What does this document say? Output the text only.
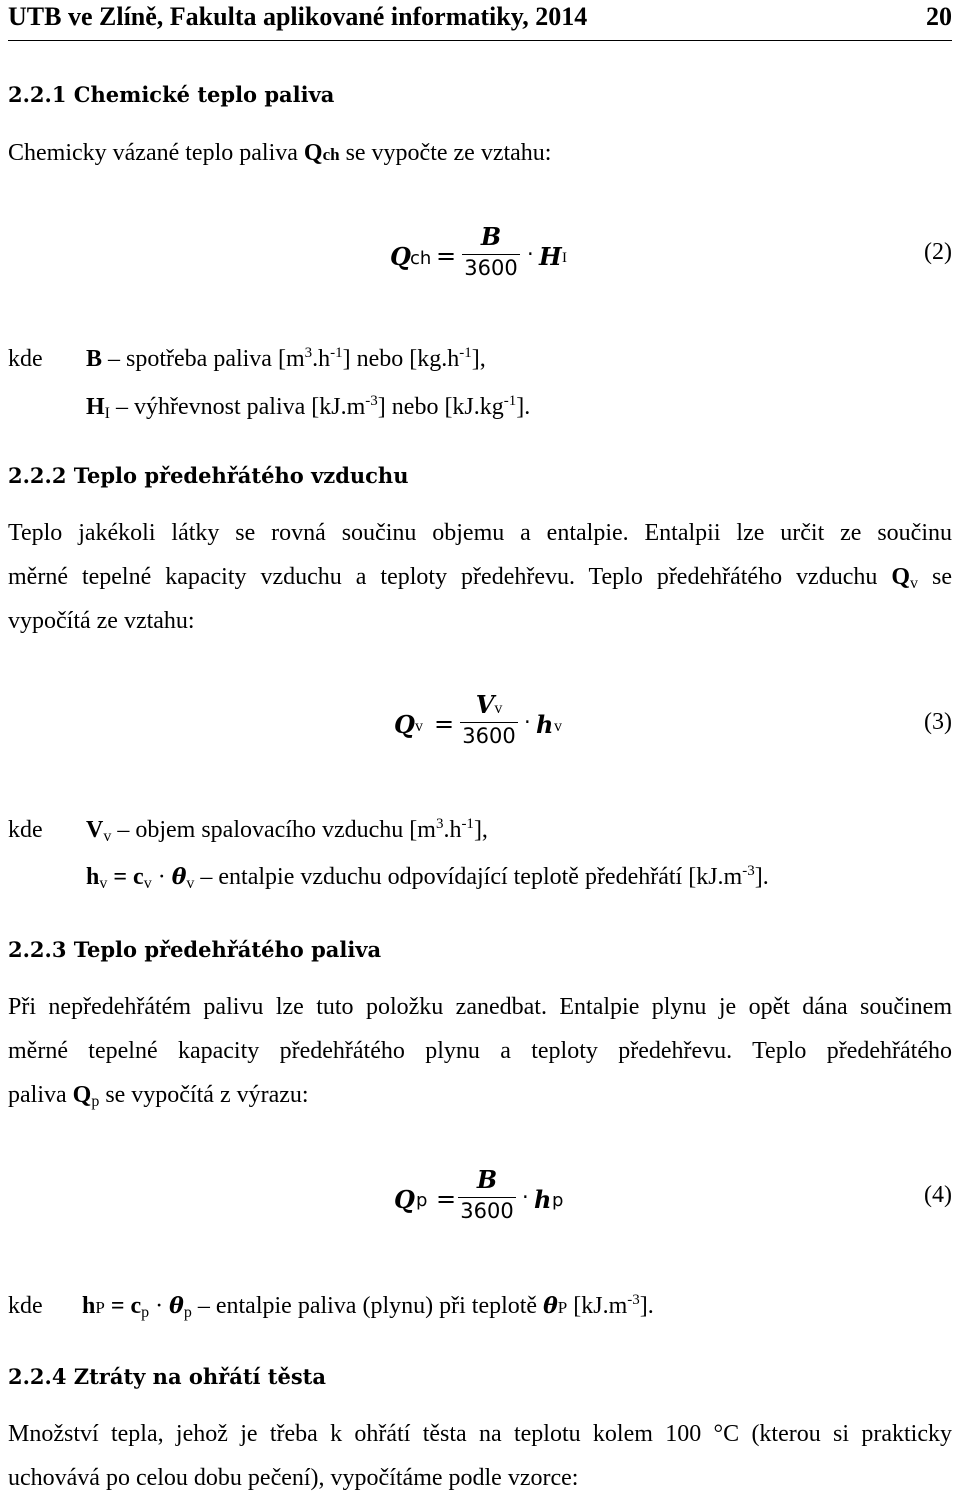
UTB ve Zlíně, Fakulta aplikované informatiky, 2014	20
2.2.1 Chemické teplo paliva
Chemicky vázané teplo paliva Qch se vypočte ze vztahu:
Q ch =
B
3600
· H I	(2)
kde B – spotřeba paliva $[m^3.h^{-1}]$ nebo $[kg.h^{-1}]$,
HI – výhřevnost paliva $[kJ.m^{-3}]$ nebo $[kJ.kg^{-1}]$.
2.2.2 Teplo předehřátého vzduchu
Teplo jakékoli látky se rovná součinu objemu a entalpie. Entalpii lze určit ze součinu
měrné tepelné kapacity vzduchu a teploty předehřevu. Teplo předehřátého vzduchu Qv se
vypočítá ze vztahu:
Q v =
Vv
3600
· h v	(3)
kde Vv – objem spalovacího vzduchu $[m^3.h^{-1}]$,
hv = cv · θv – entalpie vzduchu odpovídající teplotě předehřátí $[kJ.m^{-3}]$.
2.2.3 Teplo předehřátého paliva
Při nepředehřátém palivu lze tuto položku zanedbat. Entalpie plynu je opět dána součinem
měrné tepelné kapacity předehřátého plynu a teploty předehřevu. Teplo předehřátého
paliva Qp se vypočítá z výrazu:
Q p =
B
3600
· h p	(4)
kde hP = cp · θp – entalpie paliva (plynu) při teplotě θP $[kJ.m^{-3}]$.
2.2.4 Ztráty na ohřátí těsta
Množství tepla, jehož je třeba k ohřátí těsta na teplotu kolem 100 °C (kterou si prakticky
uchovává po celou dobu pečení), vypočítáme podle vzorce:
